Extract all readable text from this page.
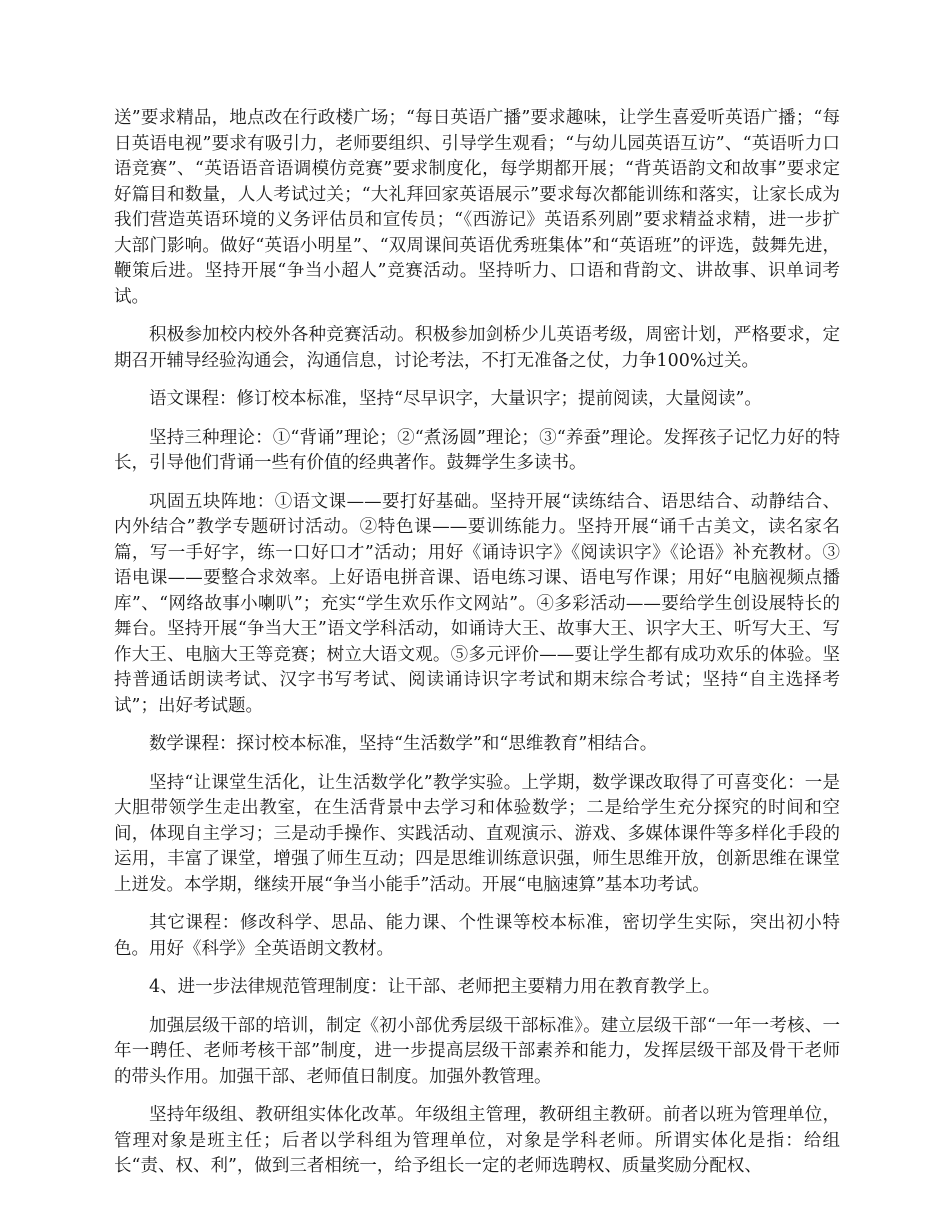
送”要求精品，地点改在行政楼广场；“每日英语广播”要求趣味，让学生喜爱听英语广播；“每日英语电视”要求有吸引力，老师要组织、引导学生观看；“与幼儿园英语互访”、“英语听力口语竞赛”、“英语语音语调模仿竞赛”要求制度化，每学期都开展；“背英语韵文和故事”要求定好篇目和数量，人人考试过关；“大礼拜回家英语展示”要求每次都能训练和落实，让家长成为我们营造英语环境的义务评估员和宣传员；“《西游记》英语系列剧”要求精益求精，进一步扩大部门影响。做好“英语小明星”、“双周课间英语优秀班集体”和“英语班”的评选，鼓舞先进，鞭策后进。坚持开展“争当小超人”竞赛活动。坚持听力、口语和背韵文、讲故事、识单词考试。

积极参加校内校外各种竞赛活动。积极参加剑桥少儿英语考级，周密计划，严格要求，定期召开辅导经验沟通会，沟通信息，讨论考法，不打无准备之仗，力争100%过关。

语文课程：修订校本标准，坚持“尽早识字，大量识字；提前阅读，大量阅读”。

坚持三种理论：①“背诵”理论；②“煮汤圆”理论；③“养蚕”理论。发挥孩子记忆力好的特长，引导他们背诵一些有价值的经典著作。鼓舞学生多读书。

巩固五块阵地：①语文课——要打好基础。坚持开展“读练结合、语思结合、动静结合、内外结合”教学专题研讨活动。②特色课——要训练能力。坚持开展“诵千古美文，读名家名篇，写一手好字，练一口好口才”活动；用好《诵诗识字》《阅读识字》《论语》补充教材。③语电课——要整合求效率。上好语电拼音课、语电练习课、语电写作课；用好“电脑视频点播库”、“网络故事小喇叭”；充实“学生欢乐作文网站”。④多彩活动——要给学生创设展特长的舞台。坚持开展“争当大王”语文学科活动，如诵诗大王、故事大王、识字大王、听写大王、写作大王、电脑大王等竞赛；树立大语文观。⑤多元评价——要让学生都有成功欢乐的体验。坚持普通话朗读考试、汉字书写考试、阅读诵诗识字考试和期末综合考试；坚持“自主选择考试”；出好考试题。

数学课程：探讨校本标准，坚持“生活数学”和“思维教育”相结合。

坚持“让课堂生活化，让生活数学化”教学实验。上学期，数学课改取得了可喜变化：一是大胆带领学生走出教室，在生活背景中去学习和体验数学；二是给学生充分探究的时间和空间，体现自主学习；三是动手操作、实践活动、直观演示、游戏、多媒体课件等多样化手段的运用，丰富了课堂，增强了师生互动；四是思维训练意识强，师生思维开放，创新思维在课堂上迸发。本学期，继续开展“争当小能手”活动。开展“电脑速算”基本功考试。

其它课程：修改科学、思品、能力课、个性课等校本标准，密切学生实际，突出初小特色。用好《科学》全英语朗文教材。

4、进一步法律规范管理制度：让干部、老师把主要精力用在教育教学上。

加强层级干部的培训，制定《初小部优秀层级干部标准》。建立层级干部“一年一考核、一年一聘任、老师考核干部”制度，进一步提高层级干部素养和能力，发挥层级干部及骨干老师的带头作用。加强干部、老师值日制度。加强外教管理。

坚持年级组、教研组实体化改革。年级组主管理，教研组主教研。前者以班为管理单位，管理对象是班主任；后者以学科组为管理单位，对象是学科老师。所谓实体化是指：给组长“责、权、利”，做到三者相统一，给予组长一定的老师选聘权、质量奖励分配权、
